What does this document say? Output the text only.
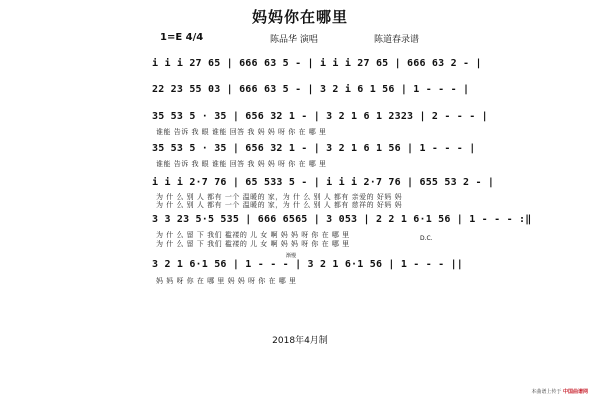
妈妈你在哪里
1=E 4/4	陈品华 演唱	陈道春录谱
i i i 27 65 | 666 63 5 - | i i i 27 65 | 666 63 2 - |
22 23 55 03 | 666 63 5 - | 3 2 i 6 1 56 | 1 - - - |
35 53 5 · 35 | 656 32 1 - | 3 2 1 6 1 2323 | 2 - - - |
谁能 告诉 我 眼 谁能 回答 我 妈 妈 呀 你 在 哪 里
35 53 5 · 35 | 656 32 1 - | 3 2 1 6 1 56 | 1 - - - |
谁能 告诉 我 眼 谁能 回答 我 妈 妈 呀 你 在 哪 里
i i i 2·7 76 | 65 533 5 - | i i i 2·7 76 | 655 53 2 - |
为 什 么 别 人 都有 一个 温暖的 家，为 什 么 别 人 都有 亲爱的 好妈 妈
为 什 么 别 人 都有 一个 温暖的 家，为 什 么 别 人 都有 慈祥的 好妈 妈
3 3 23 5·5 535 | 666 6565 | 3 053 | 2 2 1 6·1 56 | 1 - - - :‖
为 什 么 留 下 我们 褴褛的 儿 女 啊 妈 妈 呀 你 在 哪 里
为 什 么 留 下 我们 褴褛的 儿 女 啊 妈 妈 呀 你 在 哪 里
D.C.
渐慢
3 2 1 6·1 56 | 1 - - - | 3 2 1 6·1 56 | 1 - - - ||
妈 妈 呀 你 在 哪 里 妈 妈 呀 你 在 哪 里
2018年4月制
本曲谱上传于 中国曲谱网
